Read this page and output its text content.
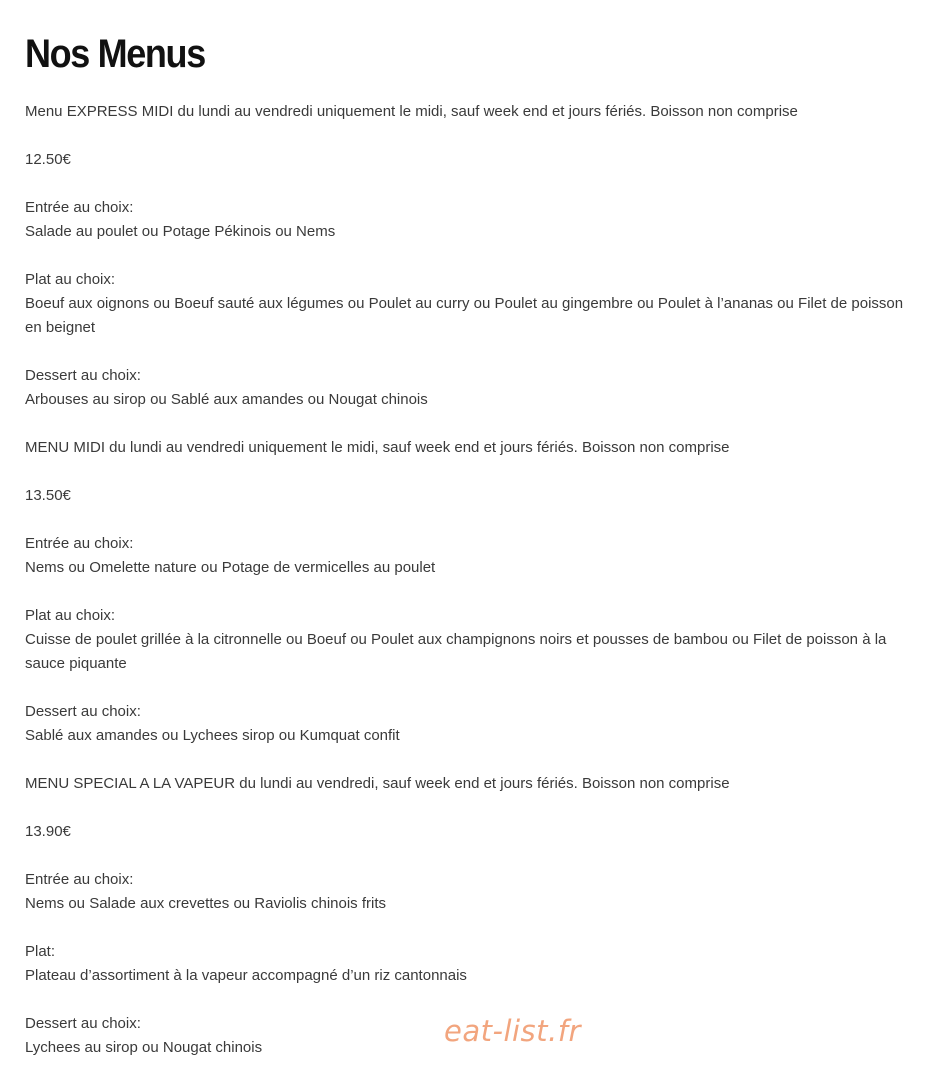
Nos Menus

Menu EXPRESS MIDI du lundi au vendredi uniquement le midi, sauf week end et jours fériés. Boisson non comprise

12.50€

Entrée au choix:
Salade au poulet ou Potage Pékinois ou Nems

Plat au choix:
Boeuf aux oignons ou Boeuf sauté aux légumes ou Poulet au curry ou Poulet au gingembre ou Poulet à l’ananas ou Filet de poisson
en beignet

Dessert au choix:
Arbouses au sirop ou Sablé aux amandes ou Nougat chinois

MENU MIDI du lundi au vendredi uniquement le midi, sauf week end et jours fériés. Boisson non comprise

13.50€

Entrée au choix:
Nems ou Omelette nature ou Potage de vermicelles au poulet

Plat au choix:
Cuisse de poulet grillée à la citronnelle ou Boeuf ou Poulet aux champignons noirs et pousses de bambou ou Filet de poisson à la
sauce piquante

Dessert au choix:
Sablé aux amandes ou Lychees sirop ou Kumquat confit

MENU SPECIAL A LA VAPEUR du lundi au vendredi, sauf week end et jours fériés. Boisson non comprise

13.90€

Entrée au choix:
Nems ou Salade aux crevettes ou Raviolis chinois frits

Plat:
Plateau d’assortiment à la vapeur accompagné d’un riz cantonnais

Dessert au choix:
Lychees au sirop ou Nougat chinois	eat-list.fr
